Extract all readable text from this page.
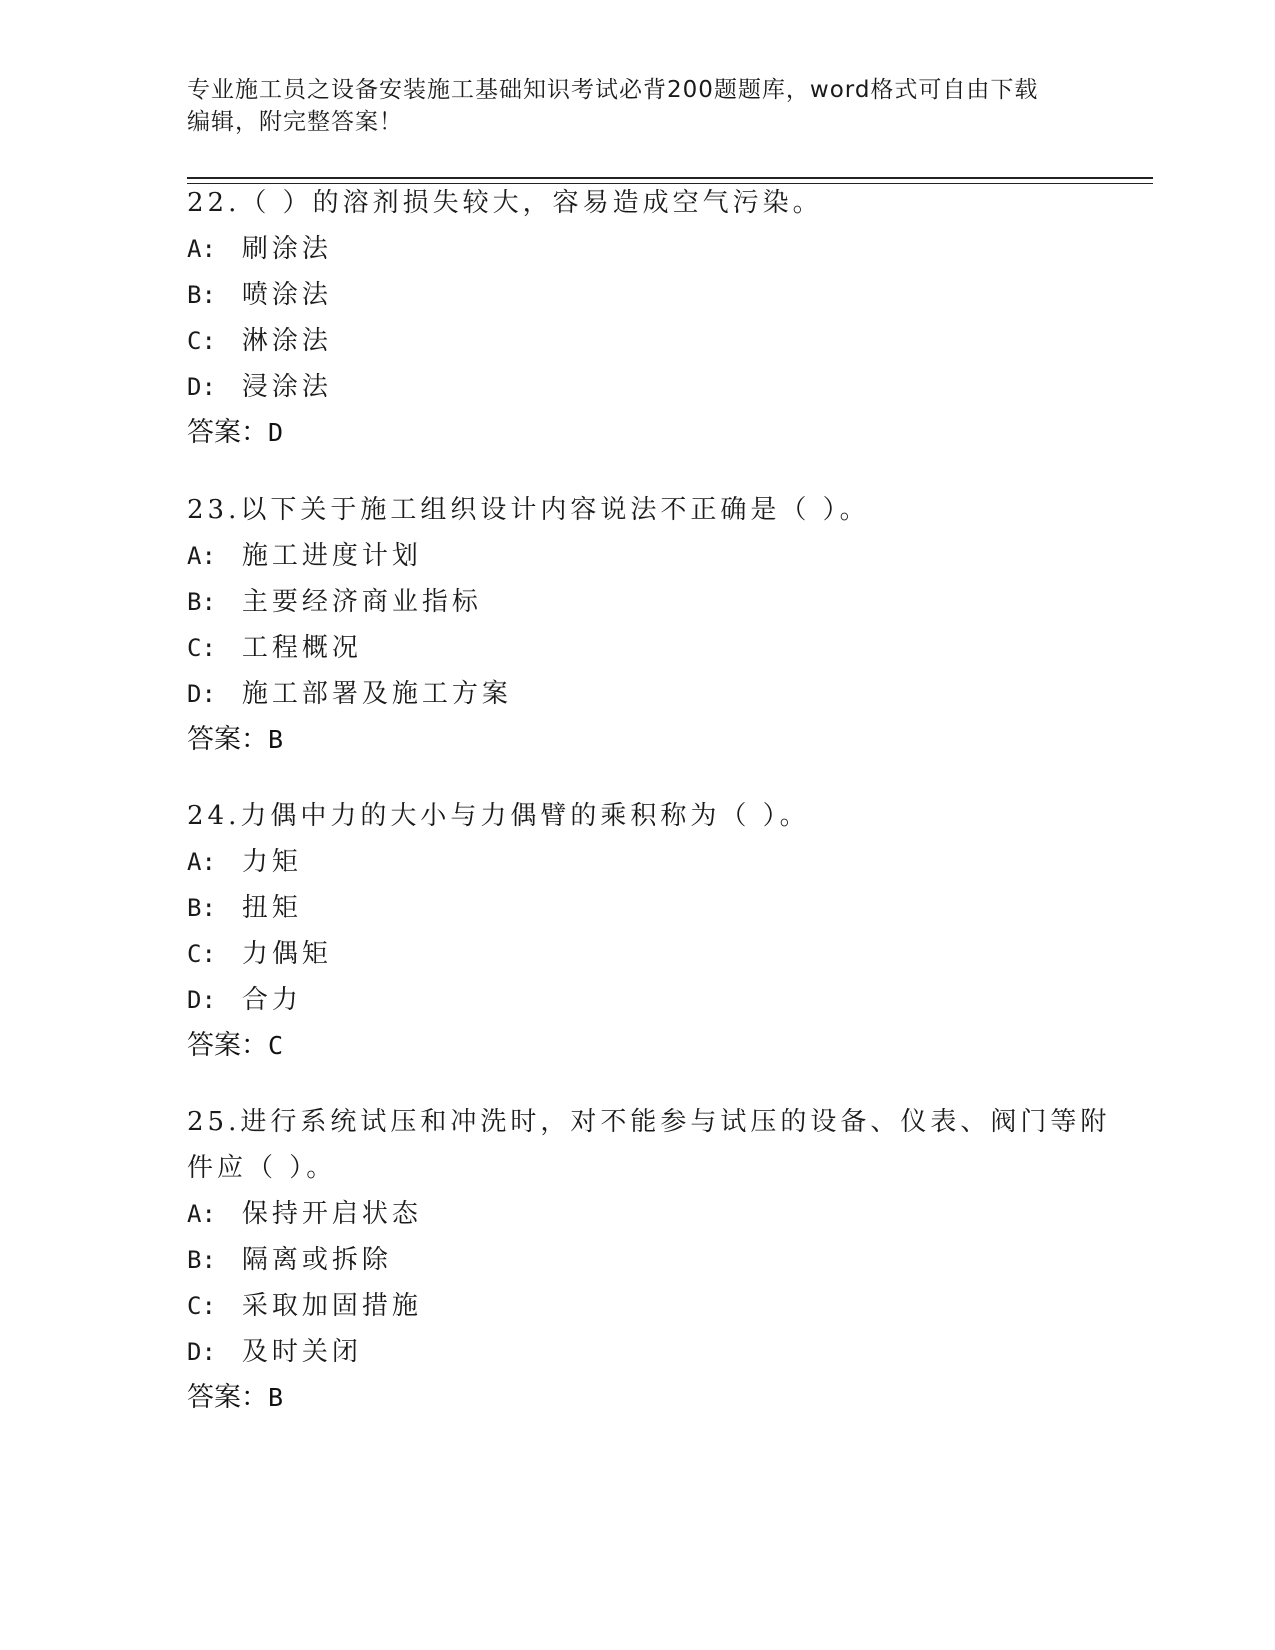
专业施工员之设备安装施工基础知识考试必背200题题库，word格式可自由下载
编辑，附完整答案！
22.（ ）的溶剂损失较大，容易造成空气污染。
A: 刷涂法
B: 喷涂法
C: 淋涂法
D: 浸涂法
答案：D
23.以下关于施工组织设计内容说法不正确是（ ）。
A: 施工进度计划
B: 主要经济商业指标
C: 工程概况
D: 施工部署及施工方案
答案：B
24.力偶中力的大小与力偶臂的乘积称为（ ）。
A: 力矩
B: 扭矩
C: 力偶矩
D: 合力
答案：C
25.进行系统试压和冲洗时，对不能参与试压的设备、仪表、阀门等附
件应（ ）。
A: 保持开启状态
B: 隔离或拆除
C: 采取加固措施
D: 及时关闭
答案：B
